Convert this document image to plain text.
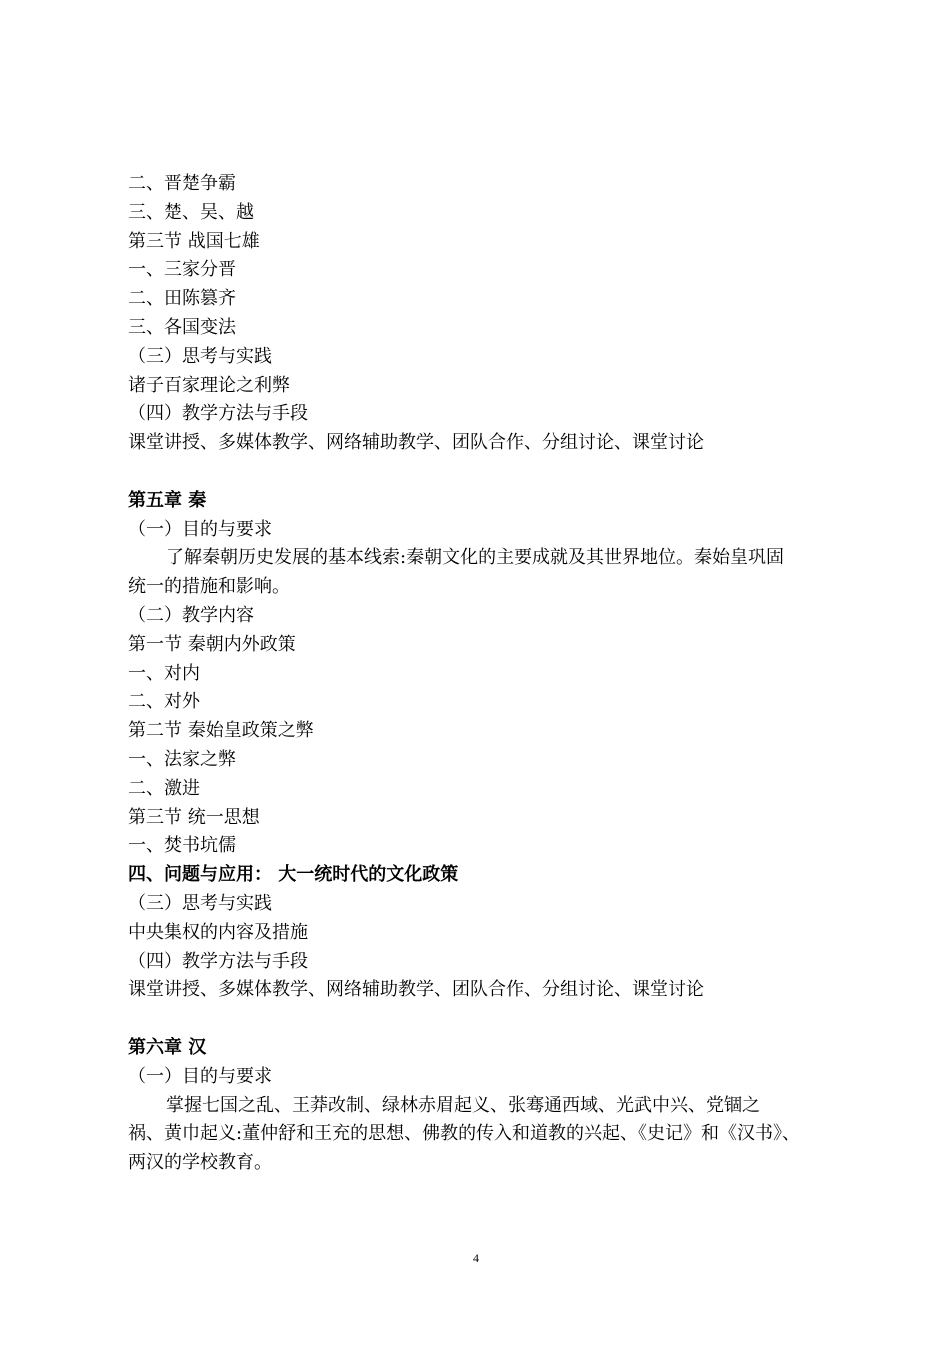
二、晋楚争霸
三、楚、吴、越
第三节 战国七雄
一、三家分晋
二、田陈篡齐
三、各国变法
（三）思考与实践
诸子百家理论之利弊
（四）教学方法与手段
课堂讲授、多媒体教学、网络辅助教学、团队合作、分组讨论、课堂讨论
第五章 秦
（一）目的与要求
了解秦朝历史发展的基本线索:秦朝文化的主要成就及其世界地位。秦始皇巩固
统一的措施和影响。
（二）教学内容
第一节 秦朝内外政策
一、对内
二、对外
第二节 秦始皇政策之弊
一、法家之弊
二、激进
第三节 统一思想
一、焚书坑儒
四、问题与应用： 大一统时代的文化政策
（三）思考与实践
中央集权的内容及措施
（四）教学方法与手段
课堂讲授、多媒体教学、网络辅助教学、团队合作、分组讨论、课堂讨论
第六章 汉
（一）目的与要求
掌握七国之乱、王莽改制、绿林赤眉起义、张骞通西域、光武中兴、党锢之
祸、黄巾起义:董仲舒和王充的思想、佛教的传入和道教的兴起、《史记》和《汉书》、
两汉的学校教育。
4
